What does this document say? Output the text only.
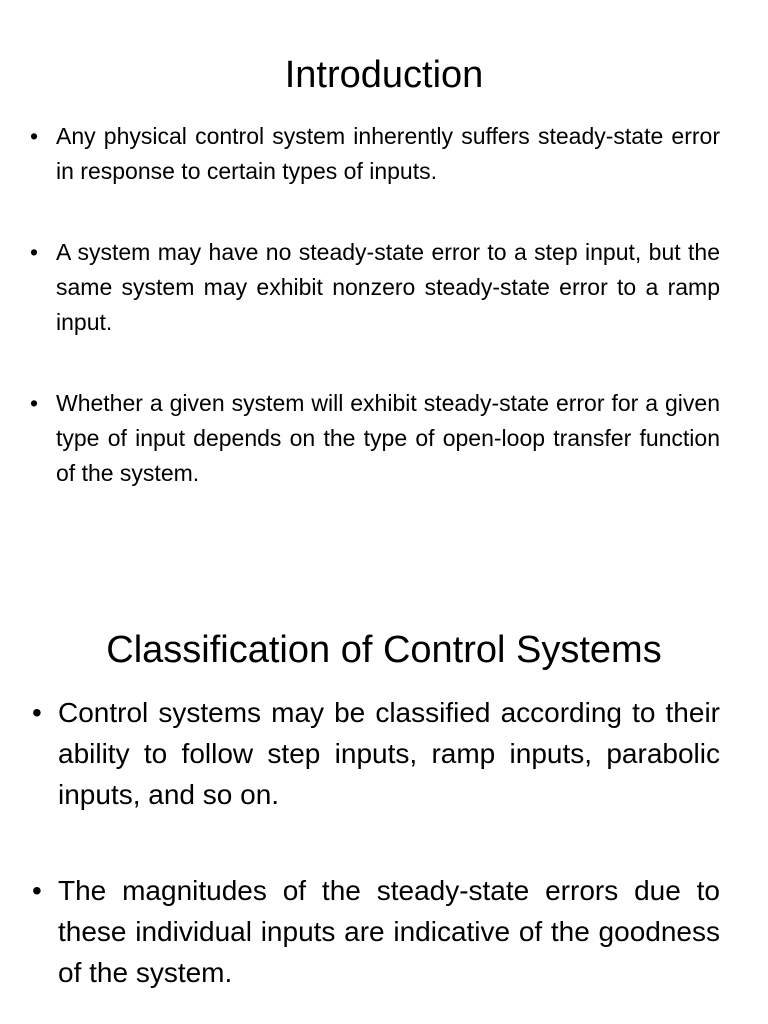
Introduction
• Any physical control system inherently suffers steady-state error in response to certain types of inputs.
• A system may have no steady-state error to a step input, but the same system may exhibit nonzero steady-state error to a ramp input.
• Whether a given system will exhibit steady-state error for a given type of input depends on the type of open-loop transfer function of the system.
Classification of Control Systems
• Control systems may be classified according to their ability to follow step inputs, ramp inputs, parabolic inputs, and so on.
• The magnitudes of the steady-state errors due to these individual inputs are indicative of the goodness of the system.
